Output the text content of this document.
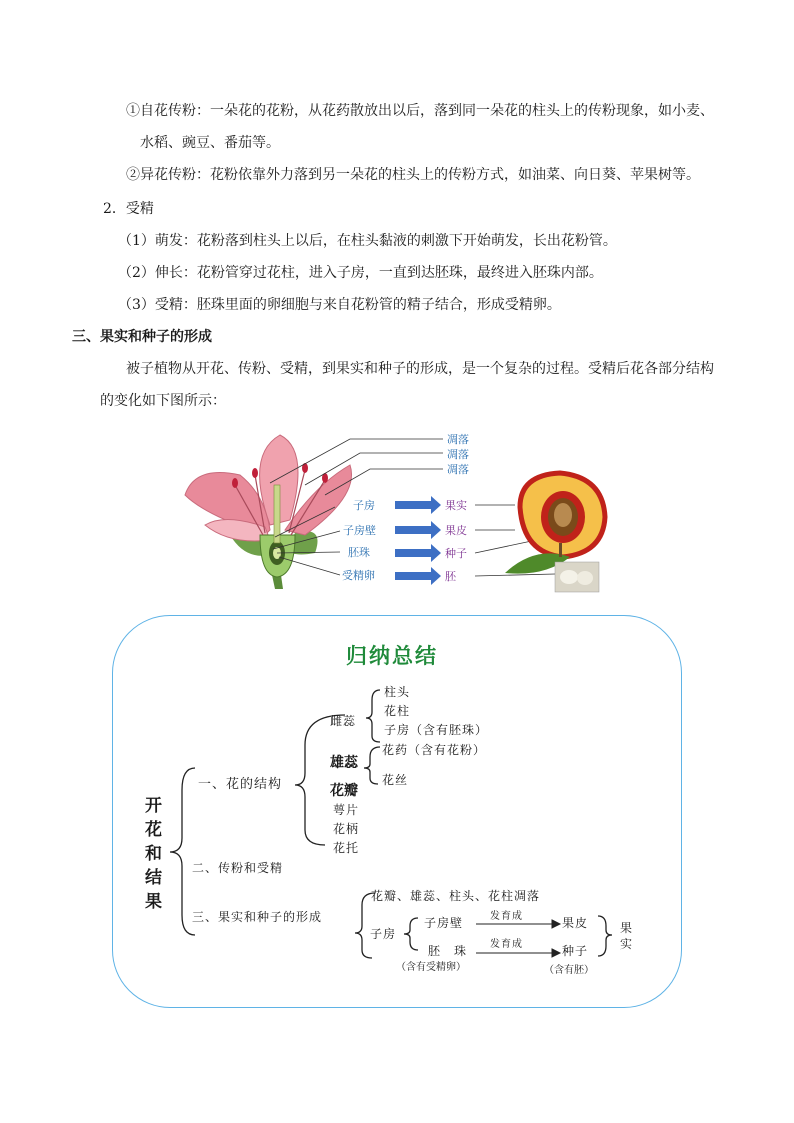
①自花传粉：一朵花的花粉，从花药散放出以后，落到同一朵花的柱头上的传粉现象，如小麦、
水稻、豌豆、番茄等。
②异花传粉：花粉依靠外力落到另一朵花的柱头上的传粉方式，如油菜、向日葵、苹果树等。
2．受精
（1）萌发：花粉落到柱头上以后，在柱头黏液的刺激下开始萌发，长出花粉管。
（2）伸长：花粉管穿过花柱，进入子房，一直到达胚珠，最终进入胚珠内部。
（3）受精：胚珠里面的卵细胞与来自花粉管的精子结合，形成受精卵。
三、果实和种子的形成
被子植物从开花、传粉、受精，到果实和种子的形成，是一个复杂的过程。受精后花各部分结构
的变化如下图所示：
凋落
凋落
凋落
子房
子房壁
胚珠
受精卵
果实
果皮
种子
胚
归纳总结
开
花
和
结
果
一、花的结构
雌蕊
柱头
花柱
子房（含有胚珠）
雄蕊
花药（含有花粉）
花丝
花瓣
萼片
花柄
花托
二、传粉和受精
三、果实和种子的形成
花瓣、雄蕊、柱头、花柱凋落
子房
子房壁	发育成	果皮
胚　珠 发育成	种子
（含有受精卵）	（含有胚）
果
实
